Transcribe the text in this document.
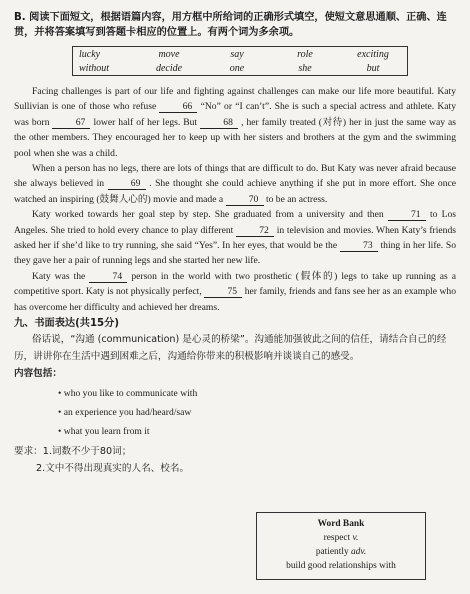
B. 阅读下面短文，根据语篇内容，用方框中所给词的正确形式填空，使短文意思通顺、正确、连贯，并将答案填写到答题卡相应的位置上。有两个词为多余项。
lucky	move	say	role	exciting
without	decide	one	she	but

Facing challenges is part of our life and fighting against challenges can make our life more beautiful. Katy Sullivian is one of those who refuse 66 “No” or “I can’t”. She is such a special actress and athlete. Katy was born 67 lower half of her legs. But 68 , her family treated (对待) her in just the same way as the other members. They encouraged her to keep up with her sisters and brothers at the gym and the swimming pool when she was a child.

When a person has no legs, there are lots of things that are difficult to do. But Katy was never afraid because she always believed in 69 . She thought she could achieve anything if she put in more effort. She once watched an inspiring (鼓舞人心的) movie and made a 70 to be an actress.

Katy worked towards her goal step by step. She graduated from a university and then 71 to Los Angeles. She tried to hold every chance to play different 72 in television and movies. When Katy’s friends asked her if she’d like to try running, she said “Yes”. In her eyes, that would be the 73 thing in her life. So they gave her a pair of running legs and she started her new life.

Katy was the 74 person in the world with two prosthetic (假体的) legs to take up running as a competitive sport. Katy is not physically perfect, 75 her family, friends and fans see her as an example who has overcome her difficulty and achieved her dreams.

九、书面表达(共15分)
俗话说，“沟通 (communication) 是心灵的桥梁”。沟通能加强彼此之间的信任，请结合自己的经历，讲讲你在生活中遇到困难之后，沟通给你带来的积极影响并谈谈自己的感受。
内容包括：
• who you like to communicate with
• an experience you had/heard/saw
• what you learn from it
要求：1.词数不少于80词；
2.文中不得出现真实的人名、校名。
Word Bank
respect v.
patiently adv.
build good relationships with
